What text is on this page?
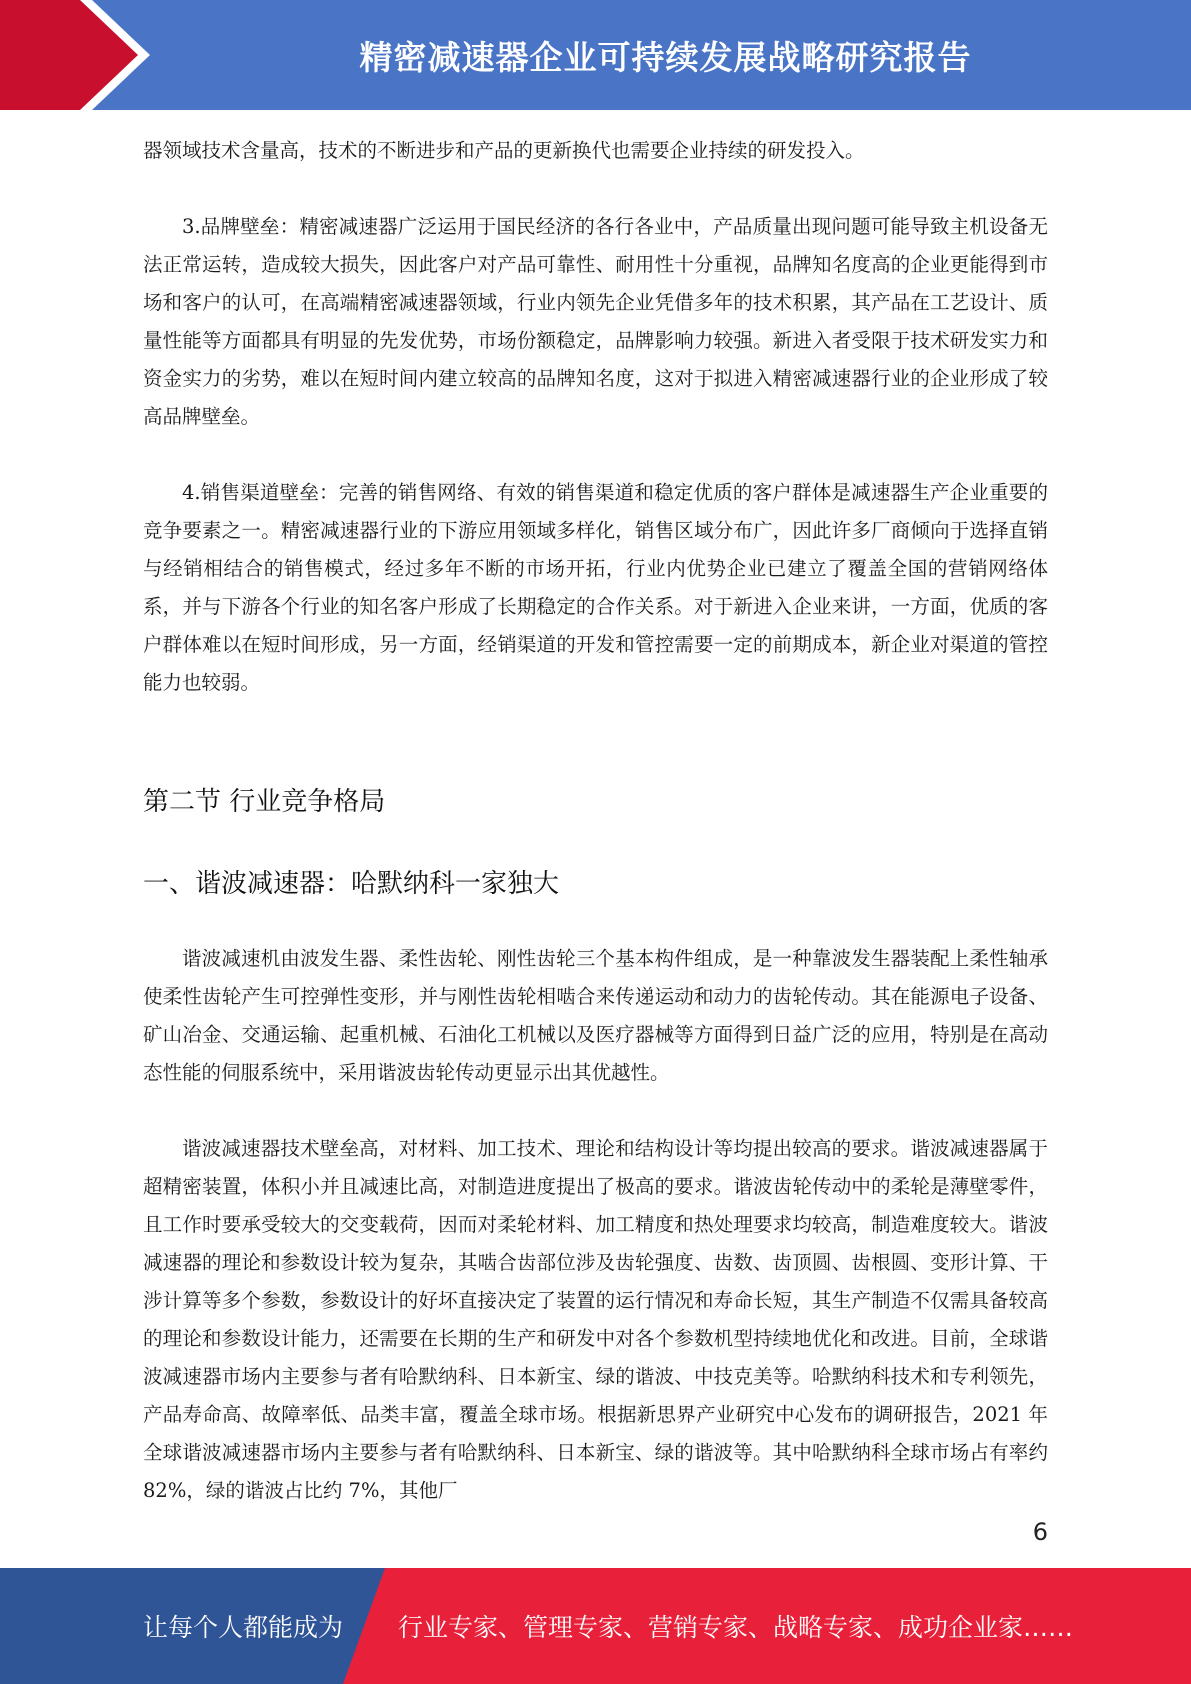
精密减速器企业可持续发展战略研究报告

器领域技术含量高，技术的不断进步和产品的更新换代也需要企业持续的研发投入。

3.品牌壁垒：精密减速器广泛运用于国民经济的各行各业中，产品质量出现问题可能导致主机设备无法正常运转，造成较大损失，因此客户对产品可靠性、耐用性十分重视，品牌知名度高的企业更能得到市场和客户的认可，在高端精密减速器领域，行业内领先企业凭借多年的技术积累，其产品在工艺设计、质量性能等方面都具有明显的先发优势，市场份额稳定，品牌影响力较强。新进入者受限于技术研发实力和资金实力的劣势，难以在短时间内建立较高的品牌知名度，这对于拟进入精密减速器行业的企业形成了较高品牌壁垒。

4.销售渠道壁垒：完善的销售网络、有效的销售渠道和稳定优质的客户群体是减速器生产企业重要的竞争要素之一。精密减速器行业的下游应用领域多样化，销售区域分布广，因此许多厂商倾向于选择直销与经销相结合的销售模式，经过多年不断的市场开拓，行业内优势企业已建立了覆盖全国的营销网络体系，并与下游各个行业的知名客户形成了长期稳定的合作关系。对于新进入企业来讲，一方面，优质的客户群体难以在短时间形成，另一方面，经销渠道的开发和管控需要一定的前期成本，新企业对渠道的管控能力也较弱。

第二节 行业竞争格局
一、谐波减速器：哈默纳科一家独大

谐波减速机由波发生器、柔性齿轮、刚性齿轮三个基本构件组成，是一种靠波发生器装配上柔性轴承使柔性齿轮产生可控弹性变形，并与刚性齿轮相啮合来传递运动和动力的齿轮传动。其在能源电子设备、矿山冶金、交通运输、起重机械、石油化工机械以及医疗器械等方面得到日益广泛的应用，特别是在高动态性能的伺服系统中，采用谐波齿轮传动更显示出其优越性。

谐波减速器技术壁垒高，对材料、加工技术、理论和结构设计等均提出较高的要求。谐波减速器属于超精密装置，体积小并且减速比高，对制造进度提出了极高的要求。谐波齿轮传动中的柔轮是薄壁零件，且工作时要承受较大的交变载荷，因而对柔轮材料、加工精度和热处理要求均较高，制造难度较大。谐波减速器的理论和参数设计较为复杂，其啮合齿部位涉及齿轮强度、齿数、齿顶圆、齿根圆、变形计算、干涉计算等多个参数，参数设计的好坏直接决定了装置的运行情况和寿命长短，其生产制造不仅需具备较高的理论和参数设计能力，还需要在长期的生产和研发中对各个参数机型持续地优化和改进。目前，全球谐波减速器市场内主要参与者有哈默纳科、日本新宝、绿的谐波、中技克美等。哈默纳科技术和专利领先，产品寿命高、故障率低、品类丰富，覆盖全球市场。根据新思界产业研究中心发布的调研报告，2021 年全球谐波减速器市场内主要参与者有哈默纳科、日本新宝、绿的谐波等。其中哈默纳科全球市场占有率约 82%，绿的谐波占比约 7%，其他厂

6
让每个人都能成为 行业专家、管理专家、营销专家、战略专家、成功企业家……
